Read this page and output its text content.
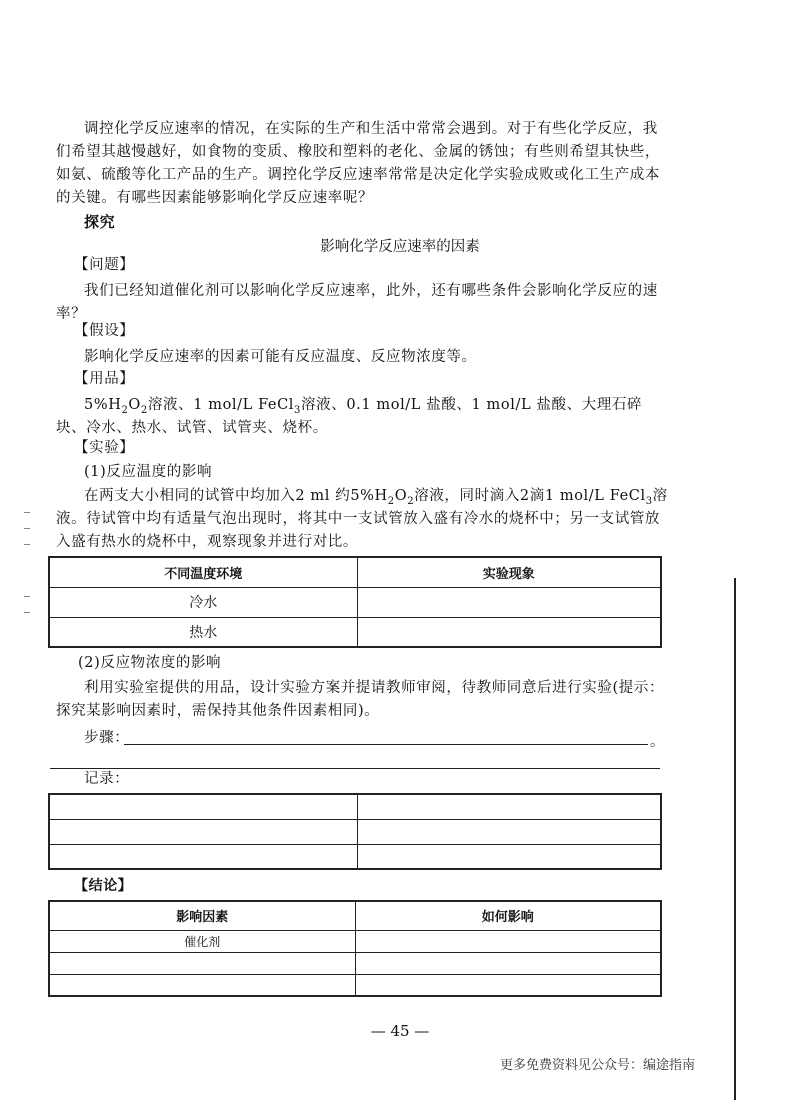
调控化学反应速率的情况，在实际的生产和生活中常常会遇到。对于有些化学反应，我们希望其越慢越好，如食物的变质、橡胶和塑料的老化、金属的锈蚀；有些则希望其快些，如氨、硫酸等化工产品的生产。调控化学反应速率常常是决定化学实验成败或化工生产成本的关键。有哪些因素能够影响化学反应速率呢？

探究
影响化学反应速率的因素
【问题】

我们已经知道催化剂可以影响化学反应速率，此外，还有哪些条件会影响化学反应的速率？

【假设】
影响化学反应速率的因素可能有反应温度、反应物浓度等。
【用品】

$5\%H_2O_2$溶液、1 mol/L FeCl$_3$溶液、0.1 mol/L 盐酸、1 mol/L 盐酸、大理石碎块、冷水、热水、试管、试管夹、烧杯。

【实验】
(1)反应温度的影响

在两支大小相同的试管中均加入2 ml 约$5\%H_2O_2$溶液，同时滴入2滴1 mol/L FeCl$_3$溶液。待试管中均有适量气泡出现时，将其中一支试管放入盛有冷水的烧杯中；另一支试管放入盛有热水的烧杯中，观察现象并进行对比。

不同温度环境	实验现象
冷水	
热水	
(2)反应物浓度的影响

利用实验室提供的用品，设计实验方案并提请教师审阅，待教师同意后进行实验(提示：探究某影响因素时，需保持其他条件因素相同)。

步骤：	。
记录：

【结论】
影响因素	如何影响
催化剂	

— 45 —
更多免费资料见公众号：编途指南
